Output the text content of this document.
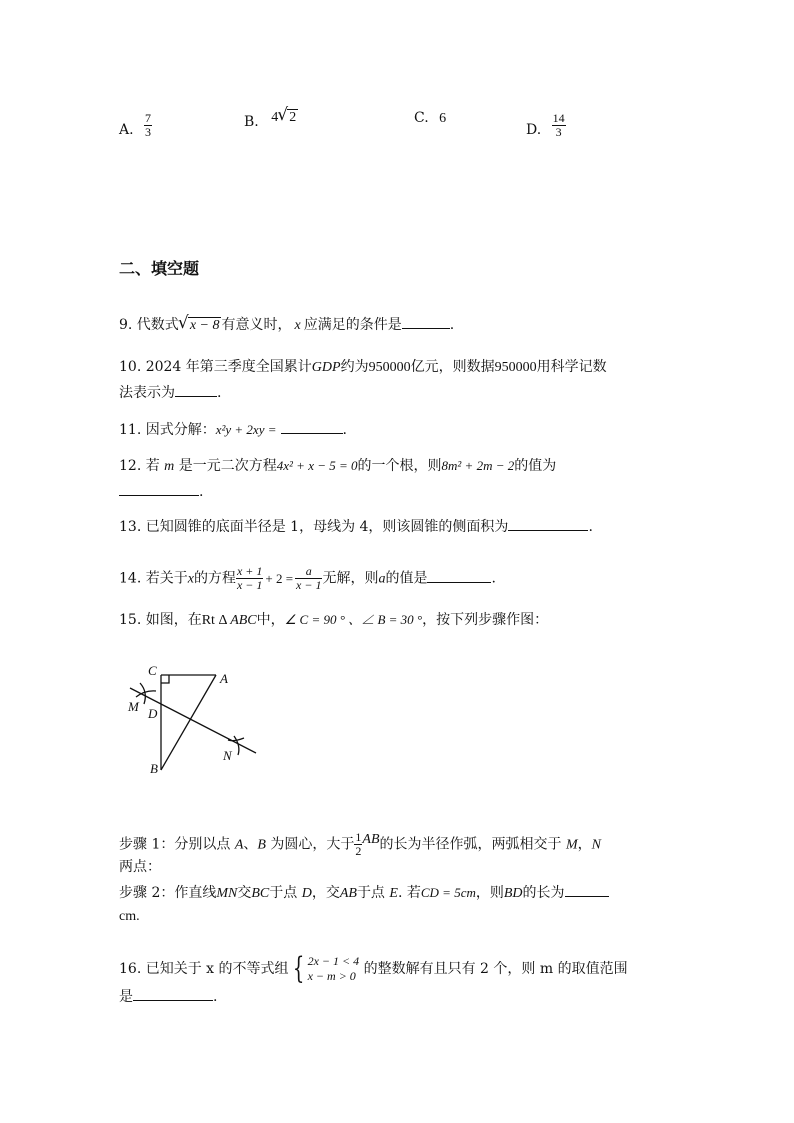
A. $\frac{7}{3}$	B. 4 √ 2	C. 6
D. $\frac{14}{3}$
二、填空题
9. 代数式 √ x − 8 有意义时， x 应满足的条件是	.
10. 2024 年第三季度全国累计GDP约为950000亿元，则数据950000用科学记数
法表示为	.
11. 因式分解：x²y + 2xy =	.
12. 若 m 是一元二次方程4x² + x − 5 = 0的一个根，则8m² + 2m − 2的值为
.
13. 已知圆锥的底面半径是 1，母线为 4，则该圆锥的侧面积为	.
14. 若关于x的方程 $\frac{x + 1}{x - 1} + 2 = \frac{a}{x - 1}$ 无解，则a的值是	.
15. 如图，在Rt Δ ABC中，∠ C = 90 ° 、∠ B = 30 °，按下列步骤作图：
C
A
M D
N
B
步骤 1：分别以点 A、B 为圆心，大于 $\frac{1}{2}$ AB的长为半径作弧，两弧相交于 M，N
两点：
步骤 2：作直线MN交BC于点 D，交AB于点 E. 若CD = 5cm，则BD的长为
cm.
16. 已知关于 x 的不等式组 { 2x − 1 < 4
x − m > 0 的整数解有且只有 2 个，则 m 的取值范围
是	.
